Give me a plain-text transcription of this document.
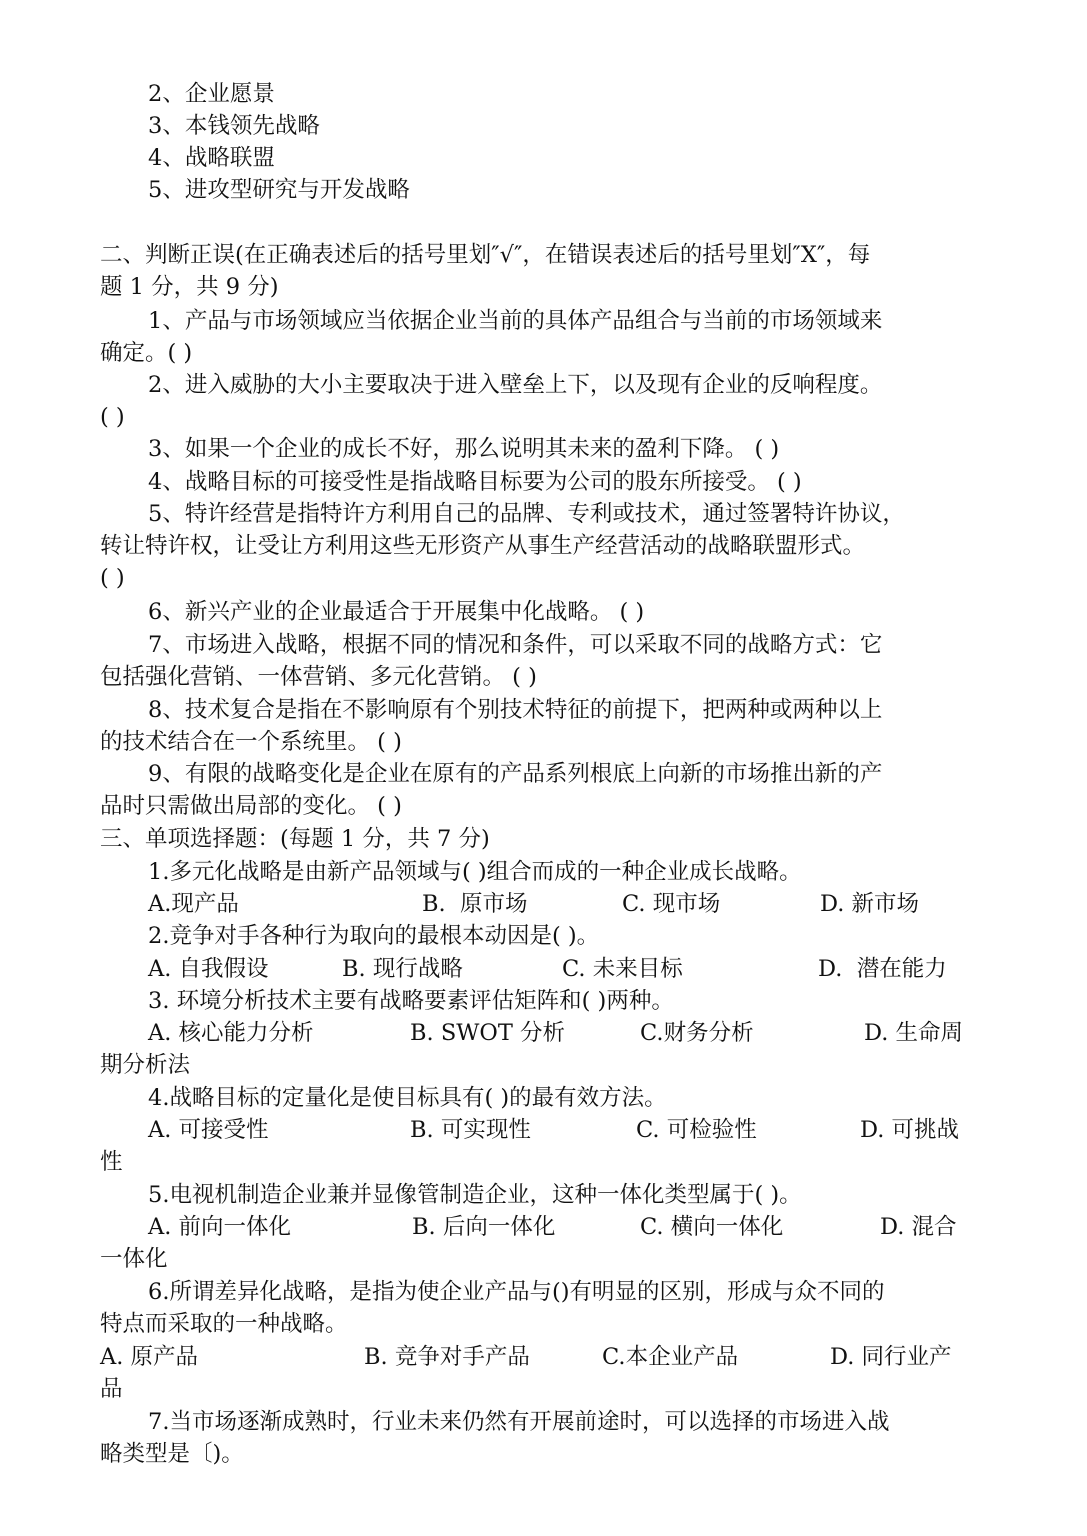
2、企业愿景
3、本钱领先战略
4、战略联盟
5、进攻型研究与开发战略
二、判断正误(在正确表述后的括号里划″√″，在错误表述后的括号里划″X″，每
题 1 分，共 9 分)
1、产品与市场领域应当依据企业当前的具体产品组合与当前的市场领域来
确定。( )
2、进入威胁的大小主要取决于进入壁垒上下，以及现有企业的反响程度。
( )
3、如果一个企业的成长不好，那么说明其未来的盈利下降。 ( )
4、战略目标的可接受性是指战略目标要为公司的股东所接受。 ( )
5、特许经营是指特许方利用自己的品牌、专利或技术，通过签署特许协议，
转让特许权，让受让方利用这些无形资产从事生产经营活动的战略联盟形式。
( )
6、新兴产业的企业最适合于开展集中化战略。 ( )
7、市场进入战略，根据不同的情况和条件，可以采取不同的战略方式：它
包括强化营销、一体营销、多元化营销。 ( )
8、技术复合是指在不影响原有个别技术特征的前提下，把两种或两种以上
的技术结合在一个系统里。 ( )
9、有限的战略变化是企业在原有的产品系列根底上向新的市场推出新的产
品时只需做出局部的变化。 ( )
三、单项选择题：(每题 1 分，共 7 分)
1.多元化战略是由新产品领域与( )组合而成的一种企业成长战略。
A.现产品	B.  原市场	C. 现市场	D. 新市场
2.竞争对手各种行为取向的最根本动因是( )。
A. 自我假设	B. 现行战略	C. 未来目标	D.  潜在能力
3. 环境分析技术主要有战略要素评估矩阵和( )两种。
A. 核心能力分析	B. SWOT 分析	C.财务分析	D. 生命周
期分析法
4.战略目标的定量化是使目标具有( )的最有效方法。
A. 可接受性	B. 可实现性	C. 可检验性	D. 可挑战
性
5.电视机制造企业兼并显像管制造企业，这种一体化类型属于( )。
A. 前向一体化	B. 后向一体化	C. 横向一体化	D. 混合
一体化
6.所谓差异化战略，是指为使企业产品与()有明显的区别，形成与众不同的
特点而采取的一种战略。
A. 原产品	B. 竞争对手产品	C.本企业产品	D. 同行业产
品
7.当市场逐渐成熟时，行业未来仍然有开展前途时，可以选择的市场进入战
略类型是〔)。
